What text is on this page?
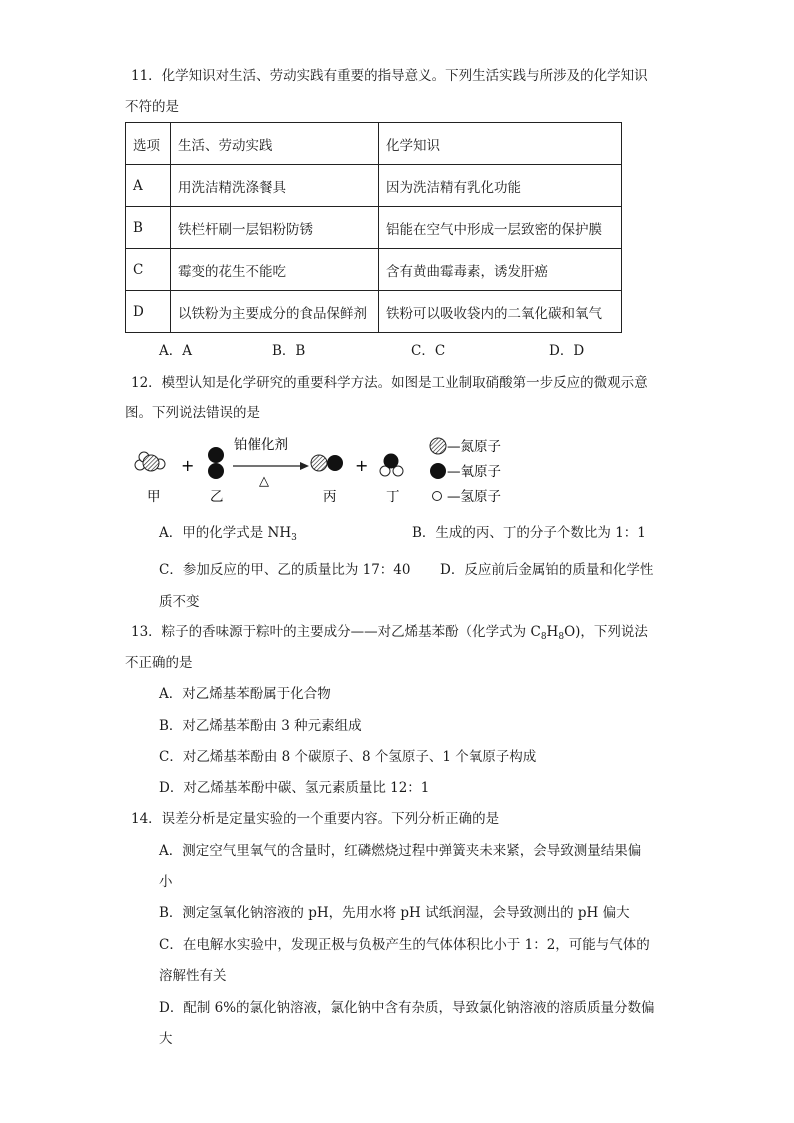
11．化学知识对生活、劳动实践有重要的指导意义。下列生活实践与所涉及的化学知识
不符的是
选项	生活、劳动实践	化学知识
A	用洗洁精洗涤餐具	因为洗洁精有乳化功能
B	铁栏杆刷一层铝粉防锈	铝能在空气中形成一层致密的保护膜
C	霉变的花生不能吃	含有黄曲霉毒素，诱发肝癌
D	以铁粉为主要成分的食品保鲜剂	铁粉可以吸收袋内的二氧化碳和氧气
A．A	B．B	C．C	D．D
12．模型认知是化学研究的重要科学方法。如图是工业制取硝酸第一步反应的微观示意
图。下列说法错误的是
+
铂催化剂
△
+
甲	乙	丙	丁
—氮原子
—氧原子
—氢原子
A．甲的化学式是 $NH_3$	B．生成的丙、丁的分子个数比为 1：1
C．参加反应的甲、乙的质量比为 17：40 D．反应前后金属铂的质量和化学性
质不变
13．粽子的香味源于粽叶的主要成分——对乙烯基苯酚（化学式为 $C_8H_8O$)，下列说法
不正确的是
A．对乙烯基苯酚属于化合物
B．对乙烯基苯酚由 3 种元素组成
C．对乙烯基苯酚由 8 个碳原子、8 个氢原子、1 个氧原子构成
D．对乙烯基苯酚中碳、氢元素质量比 12：1
14．误差分析是定量实验的一个重要内容。下列分析正确的是
A．测定空气里氧气的含量时，红磷燃烧过程中弹簧夹未来紧，会导致测量结果偏
小
B．测定氢氧化钠溶液的 pH，先用水将 pH 试纸润湿，会导致测出的 pH 偏大
C．在电解水实验中，发现正极与负极产生的气体体积比小于 1：2，可能与气体的
溶解性有关
D．配制 6%的氯化钠溶液，氯化钠中含有杂质，导致氯化钠溶液的溶质质量分数偏
大
